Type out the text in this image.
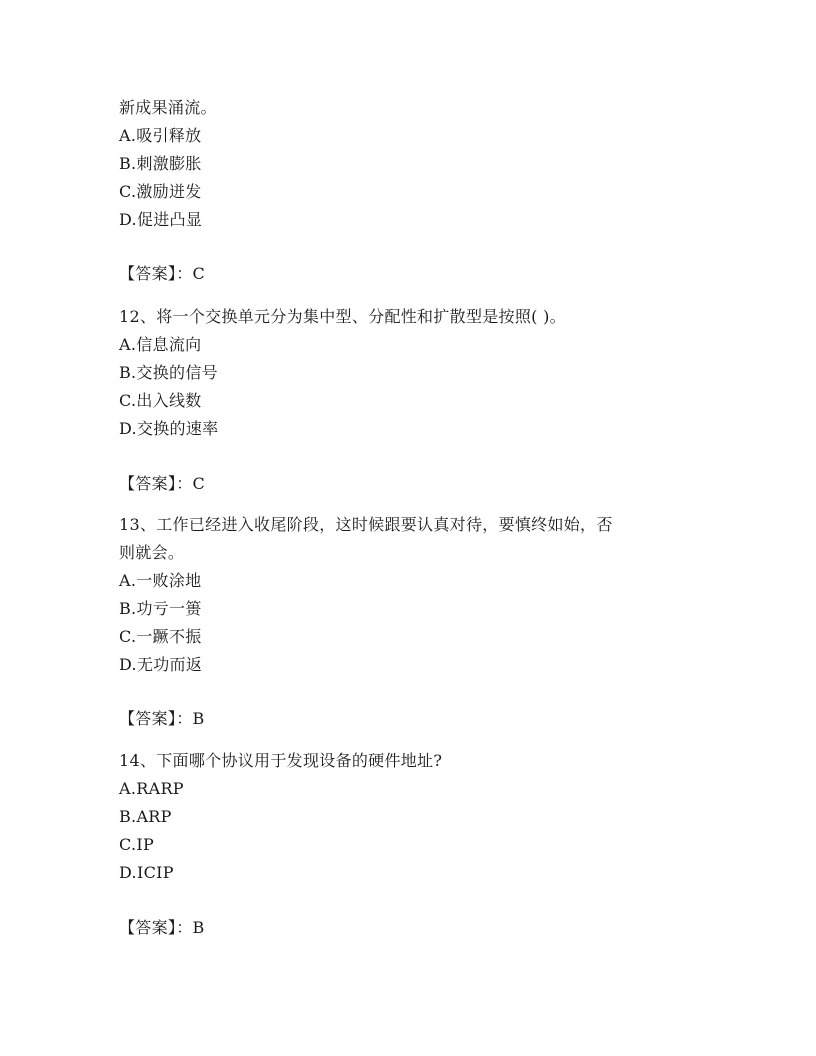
新成果涌流。
A.吸引释放
B.刺激膨胀
C.激励迸发
D.促进凸显
【答案】：C
12、将一个交换单元分为集中型、分配性和扩散型是按照( )。
A.信息流向
B.交换的信号
C.出入线数
D.交换的速率
【答案】：C
13、工作已经进入收尾阶段，这时候跟要认真对待，要慎终如始，否
则就会。
A.一败涂地
B.功亏一篑
C.一蹶不振
D.无功而返
【答案】：B
14、下面哪个协议用于发现设备的硬件地址?
A.RARP
B.ARP
C.IP
D.ICIP
【答案】：B
